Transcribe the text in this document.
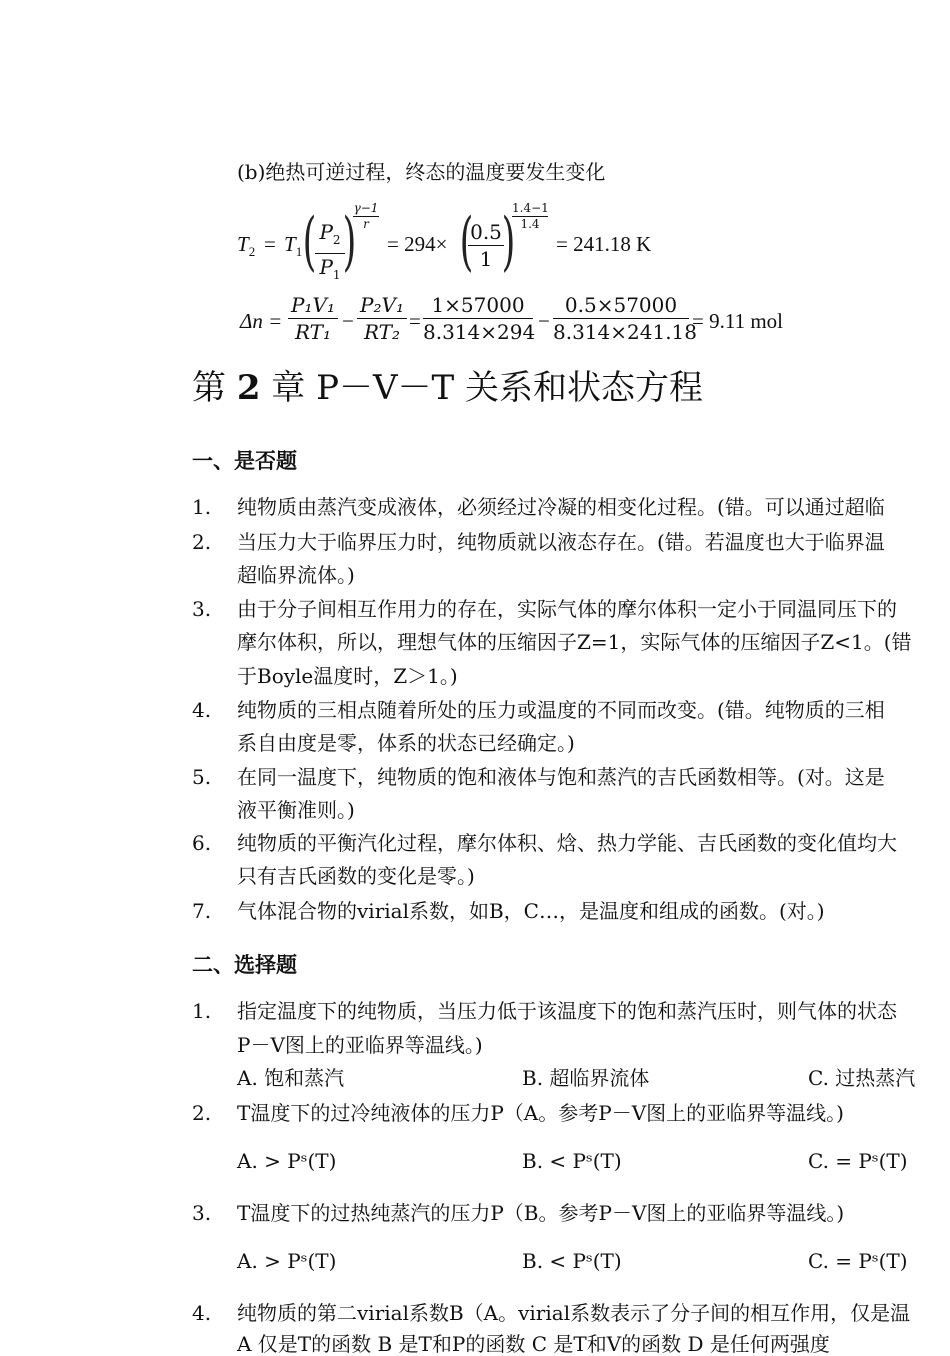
(b)绝热可逆过程，终态的温度要发生变化
$T_2 = T_1$ ( $P_2$
$P_1$ )
γ−1
r
= 294× (
0.5
1 )
1.4−1
1.4
= 241.18 K
Δn =
P₁V₁
RT₁ −
P₂V₁
RT₂ =
1×57000
8.314×294 −
0.5×57000
8.314×241.18
= 9.11 mol
第 2 章 P－V－T 关系和状态方程
一、是否题
1. 纯物质由蒸汽变成液体，必须经过冷凝的相变化过程。(错。可以通过超临
2. 当压力大于临界压力时，纯物质就以液态存在。(错。若温度也大于临界温
超临界流体。)
3. 由于分子间相互作用力的存在，实际气体的摩尔体积一定小于同温同压下的
摩尔体积，所以，理想气体的压缩因子Z=1，实际气体的压缩因子Z<1。(错
于Boyle温度时，Z＞1。)
4. 纯物质的三相点随着所处的压力或温度的不同而改变。(错。纯物质的三相
系自由度是零，体系的状态已经确定。)
5. 在同一温度下，纯物质的饱和液体与饱和蒸汽的吉氏函数相等。(对。这是
液平衡准则。)
6. 纯物质的平衡汽化过程，摩尔体积、焓、热力学能、吉氏函数的变化值均大
只有吉氏函数的变化是零。)
7. 气体混合物的virial系数，如B，C…，是温度和组成的函数。(对。)
二、选择题
1. 指定温度下的纯物质，当压力低于该温度下的饱和蒸汽压时，则气体的状态
P－V图上的亚临界等温线。)
A. 饱和蒸汽	B. 超临界流体	C. 过热蒸汽
2. T温度下的过冷纯液体的压力P（A。参考P－V图上的亚临界等温线。)
A. > Pˢ(T)	B. < Pˢ(T)	C. = Pˢ(T)
3. T温度下的过热纯蒸汽的压力P（B。参考P－V图上的亚临界等温线。)
A. > Pˢ(T)	B. < Pˢ(T)	C. = Pˢ(T)
4. 纯物质的第二virial系数B（A。virial系数表示了分子间的相互作用，仅是温
A 仅是T的函数 B 是T和P的函数 C 是T和V的函数 D 是任何两强度
